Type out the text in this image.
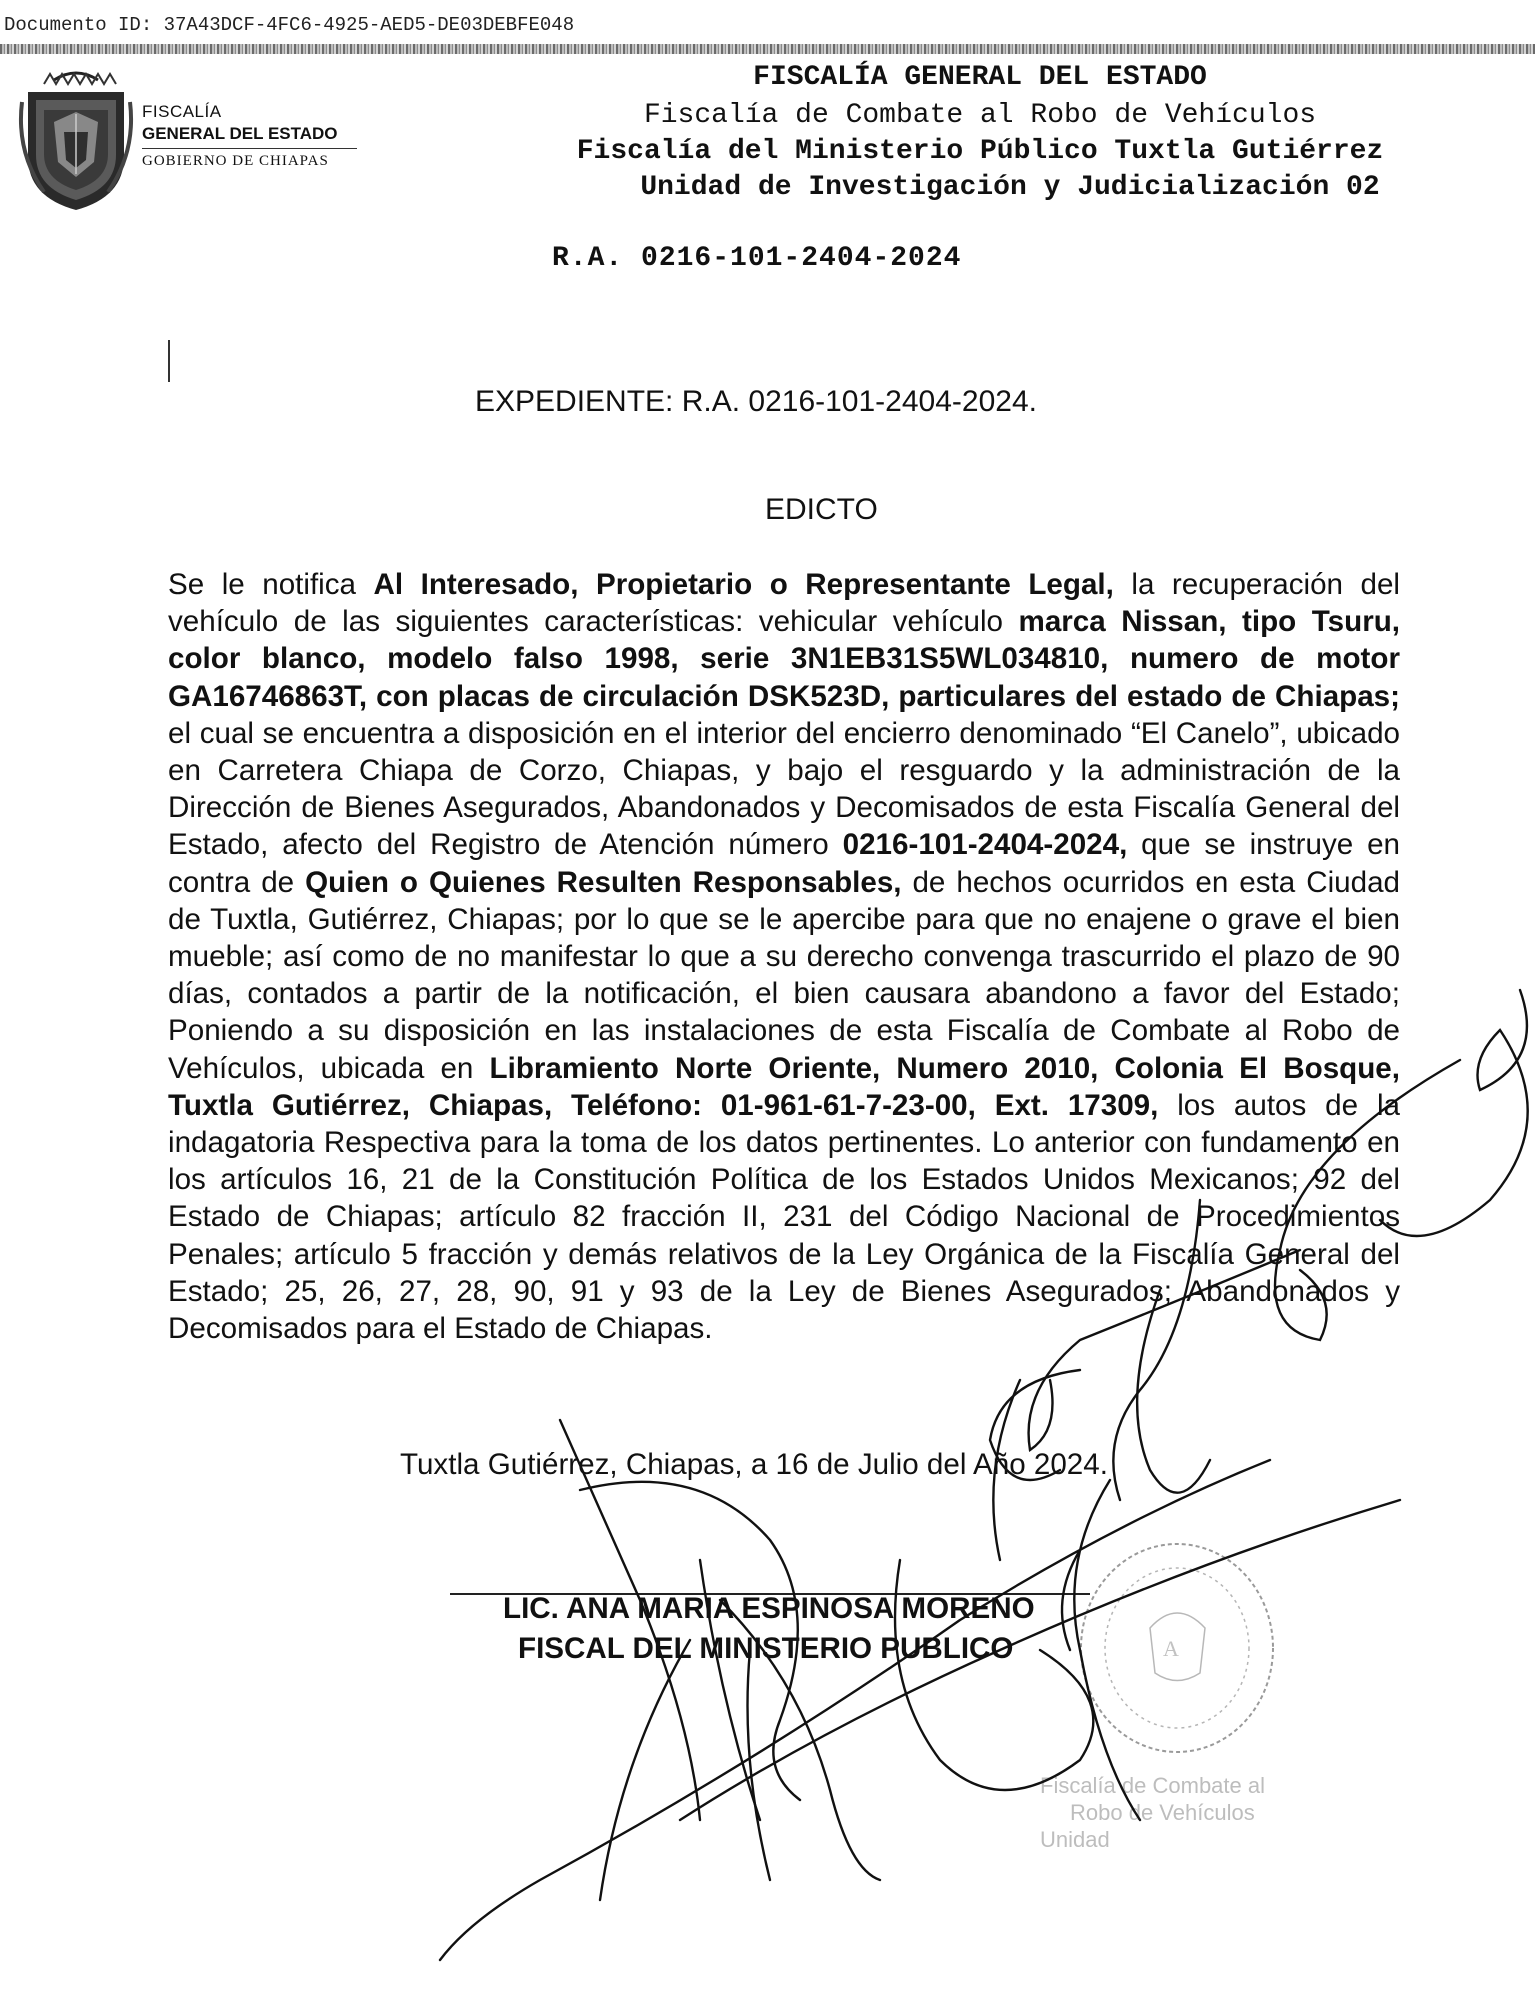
Documento ID: 37A43DCF-4FC6-4925-AED5-DE03DEBFE048
FISCALÍA
GENERAL DEL ESTADO
GOBIERNO DE CHIAPAS
FISCALÍA GENERAL DEL ESTADO
Fiscalía de Combate al Robo de Vehículos
Fiscalía del Ministerio Público Tuxtla Gutiérrez
Unidad de Investigación y Judicialización 02
R.A. 0216-101-2404-2024
EXPEDIENTE: R.A. 0216-101-2404-2024.
EDICTO
Se le notifica Al Interesado, Propietario o Representante Legal, la recuperación del vehículo de las siguientes características: vehicular vehículo marca Nissan, tipo Tsuru, color blanco, modelo falso 1998, serie 3N1EB31S5WL034810, numero de motor GA16746863T, con placas de circulación DSK523D, particulares del estado de Chiapas; el cual se encuentra a disposición en el interior del encierro denominado “El Canelo”, ubicado en Carretera Chiapa de Corzo, Chiapas, y bajo el resguardo y la administración de la Dirección de Bienes Asegurados, Abandonados y Decomisados de esta Fiscalía General del Estado, afecto del Registro de Atención número 0216-101-2404-2024, que se instruye en contra de Quien o Quienes Resulten Responsables, de hechos ocurridos en esta Ciudad de Tuxtla, Gutiérrez, Chiapas; por lo que se le apercibe para que no enajene o grave el bien mueble; así como de no manifestar lo que a su derecho convenga trascurrido el plazo de 90 días, contados a partir de la notificación, el bien causara abandono a favor del Estado; Poniendo a su disposición en las instalaciones de esta Fiscalía de Combate al Robo de Vehículos, ubicada en Libramiento Norte Oriente, Numero 2010, Colonia El Bosque, Tuxtla Gutiérrez, Chiapas, Teléfono: 01-961-61-7-23-00, Ext. 17309, los autos de la indagatoria Respectiva para la toma de los datos pertinentes. Lo anterior con fundamento en los artículos 16, 21 de la Constitución Política de los Estados Unidos Mexicanos; 92 del Estado de Chiapas; artículo 82 fracción II, 231 del Código Nacional de Procedimientos Penales; artículo 5 fracción y demás relativos de la Ley Orgánica de la Fiscalía General del Estado; 25, 26, 27, 28, 90, 91 y 93 de la Ley de Bienes Asegurados; Abandonados y Decomisados para el Estado de Chiapas.
Tuxtla Gutiérrez, Chiapas, a 16 de Julio del Año 2024.
LIC. ANA MARIA ESPINOSA MORENO
FISCAL DEL MINISTERIO PUBLICO	A
Fiscalía de Combate al
Robo de Vehículos
Unidad
